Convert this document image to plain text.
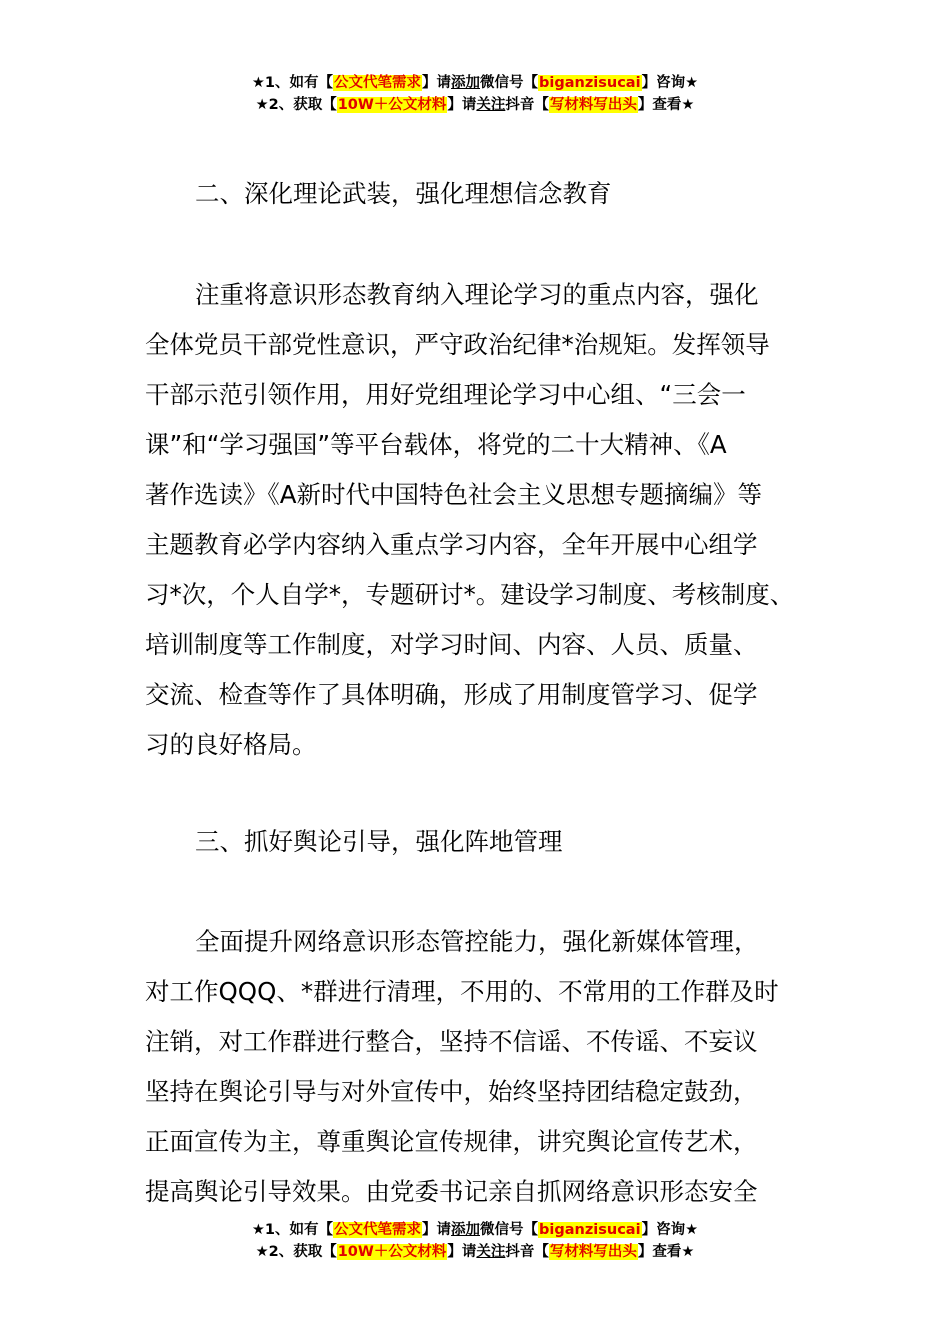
★1、如有【公文代笔需求】请添加微信号【biganzisucai】咨询★
★2、获取【10W＋公文材料】请关注抖音【写材料写出头】查看★
二、深化理论武装，强化理想信念教育
注重将意识形态教育纳入理论学习的重点内容，强化
全体党员干部党性意识，严守政治纪律*治规矩。发挥领导
干部示范引领作用，用好党组理论学习中心组、“三会一
课”和“学习强国”等平台载体，将党的二十大精神、《A
著作选读》《A新时代中国特色社会主义思想专题摘编》等
主题教育必学内容纳入重点学习内容，全年开展中心组学
习*次，个人自学*，专题研讨*。建设学习制度、考核制度、
培训制度等工作制度，对学习时间、内容、人员、质量、
交流、检查等作了具体明确，形成了用制度管学习、促学
习的良好格局。
三、抓好舆论引导，强化阵地管理
全面提升网络意识形态管控能力，强化新媒体管理，
对工作QQQ、*群进行清理，不用的、不常用的工作群及时
注销，对工作群进行整合，坚持不信谣、不传谣、不妄议
坚持在舆论引导与对外宣传中，始终坚持团结稳定鼓劲，
正面宣传为主，尊重舆论宣传规律，讲究舆论宣传艺术，
提高舆论引导效果。由党委书记亲自抓网络意识形态安全
★1、如有【公文代笔需求】请添加微信号【biganzisucai】咨询★
★2、获取【10W＋公文材料】请关注抖音【写材料写出头】查看★
